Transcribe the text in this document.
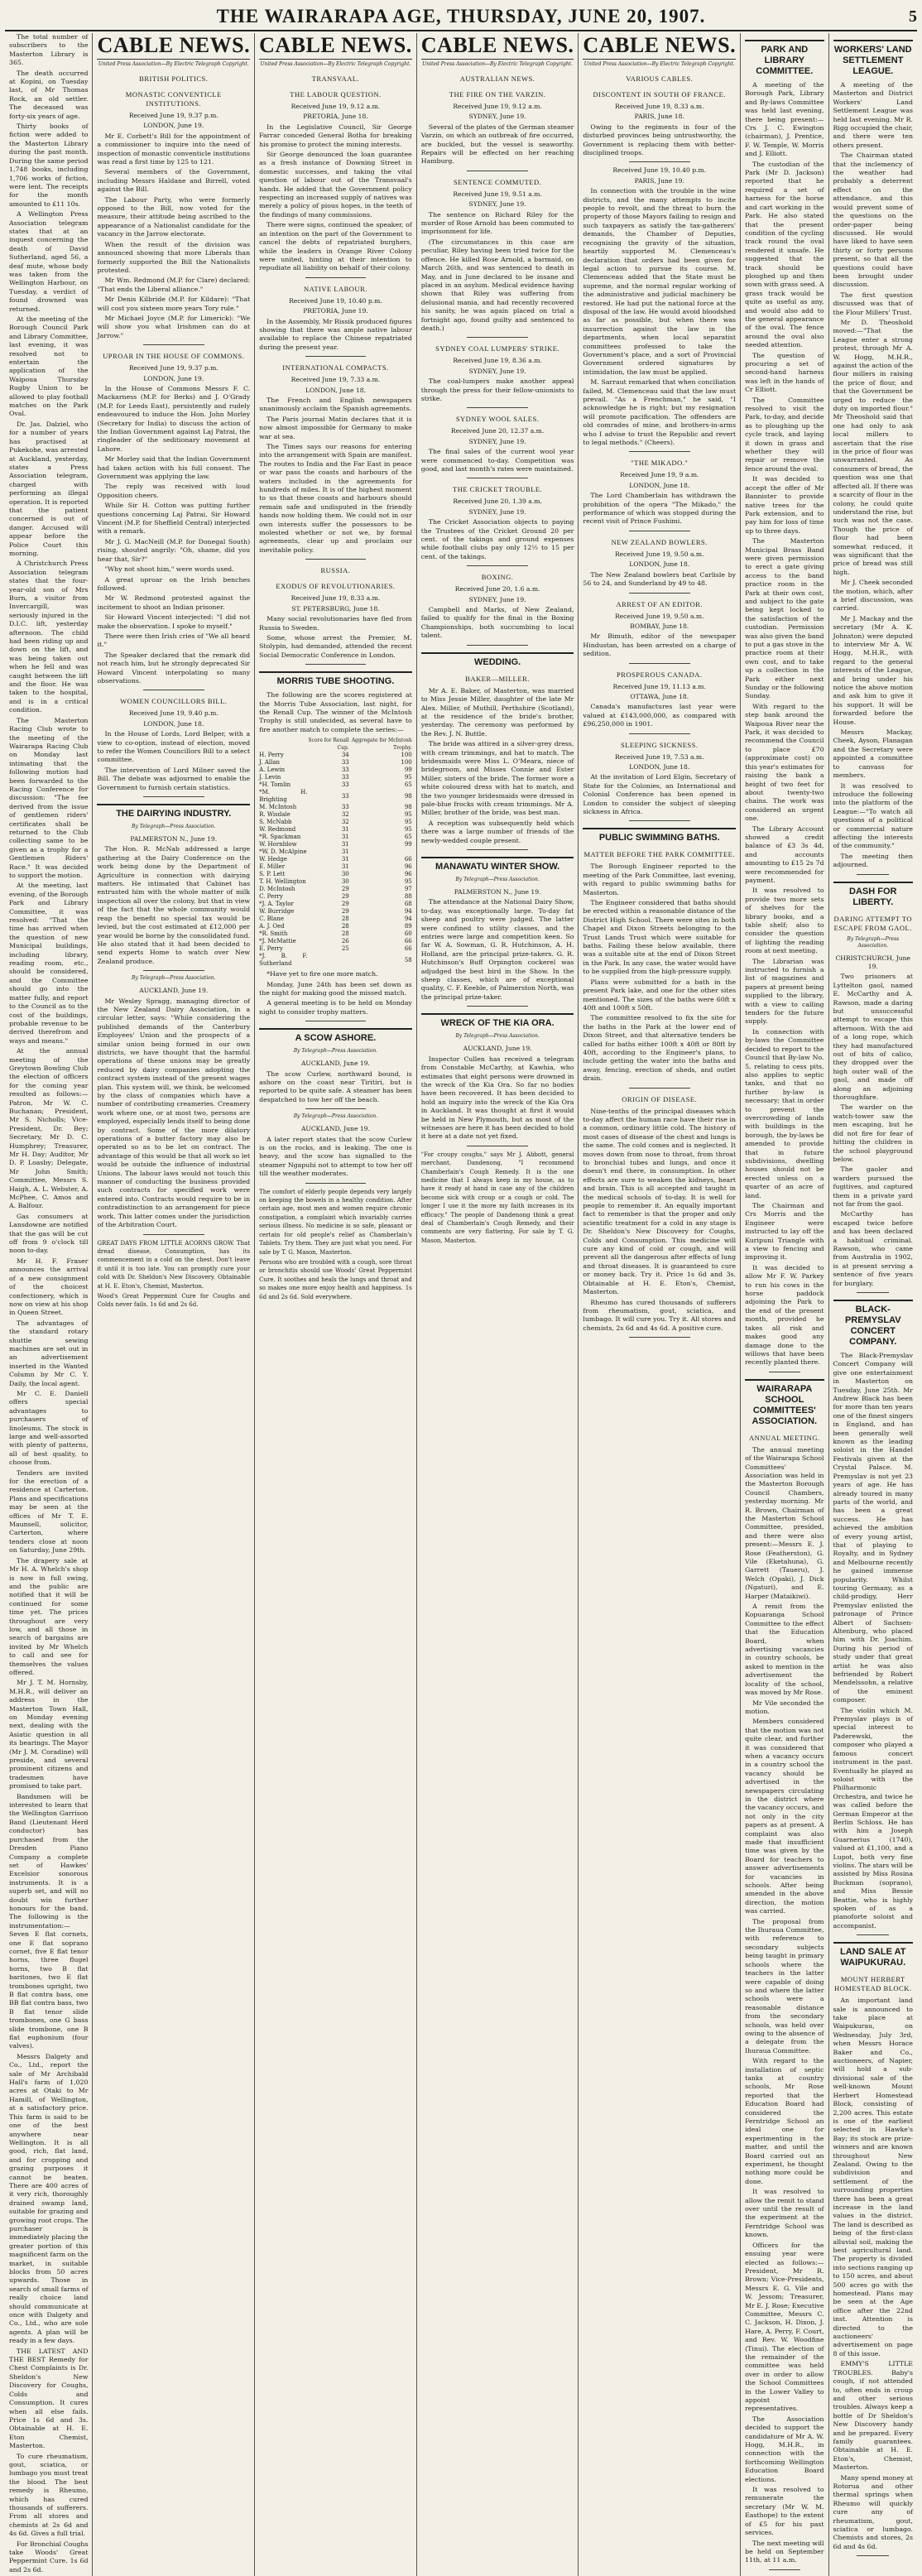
THE WAIRARAPA AGE, THURSDAY, JUNE 20, 1907.	5

The total number of subscribers to the Masterton Library is 365.

The death occurred at Kopini, on Tuesday last, of Mr Thomas Rock, an old settler. The deceased was forty-six years of age.

Thirty books of fiction were added to the Masterton Library during the past month. During the same period 1,748 books, including 1,706 works of fiction, were lent. The receipts for the month amounted to £11 10s.

A Wellington Press Association telegram states that at an inquest concerning the death of David Sutherland, aged 56, a deaf mute, whose body was taken from the Wellington Harbour, on Tuesday, a verdict of found drowned was returned.

At the meeting of the Borough Council Park and Library Committee, last evening, it was resolved not to entertain the application of the Waipoua Thursday Rugby Union to be allowed to play football matches on the Park Oval.

Dr. Jas. Dalziel, who for a number of years has practised at Pukekohe, was arrested at Auckland, yesterday, states a Press Association telegram, charged with performing an illegal operation. It is reported that the patient concerned is out of danger. Accused will appear before the Police Court this morning.

A Christchurch Press Association telegram states that the four-year-old son of Mrs Burn, a visitor from Invercargill, was seriously injured in the D.I.C. lift, yesterday afternoon. The child had been riding up and down on the lift, and was being taken out when he fell and was caught between the lift and the floor. He was taken to the hospital, and is in a critical condition.

The Masterton Racing Club wrote to the meeting of the Wairarapa Racing Club on Monday last intimating that the following motion had been forwarded to the Racing Conference for discussion: "The fee derived from the issue of gentlemen riders' certificates shall be returned to the Club collecting same to be given as a trophy for a Gentlemen Riders' Race." It was decided to support the motion.

At the meeting, last evening, of the Borough Park and Library Committee, it was resolved: "That the time has arrived when the question of new Municipal buildings, including library, reading room, etc., should be considered, and the Committee should go into the matter fully, and report to the Council as to the cost of the buildings, probable revenue to be derived therefrom and ways and means."

At the annual meeting of the Greytown Bowling Club the election of officers for the coming year resulted as follows:—Patron, Mr W. C. Buchanan; President, Mr S. Nicholls; Vice-President, Dr. Bey; Secretary, Mr D. C. Humphrey; Treasurer, Mr H. Day; Auditor, Mr D. P. Loasby; Delegate, Mr John Smith; Committee, Messrs S. Haigh, A. L. Webster, A. McPhee, C. Amos and A. Balfour.

Gas consumers at Lansdowne are notified that the gas will be cut off from 9 o'clock till noon to-day.

Mr H. F. Fraser announces the arrival of a new consignment of the choicest confectionery, which is now on view at his shop in Queen Street.

The advantages of the standard rotary shuttle sewing machines are set out in an advertisement inserted in the Wanted Column by Mr C. Y. Daily, the local agent.

Mr C. E. Daniell offers special advantages to purchasers of linoleums. The stock is large and well-assorted with plenty of patterns, all of best quality, to choose from.

Tenders are invited for the erection of a residence at Carterton. Plans and specifications may be seen at the offices of Mr T. E. Maunsell, solicitor, Carterton, where tenders close at noon on Saturday, June 29th.

The drapery sale at Mr H. A. Whelch's shop is now in full swing, and the public are notified that it will be continued for some time yet. The prices throughout are very low, and all those in search of bargains are invited by Mr Whelch to call and see for themselves the values offered.

Mr J. T. M. Hornsby, M.H.R., will deliver an address in the Masterton Town Hall, on Monday evening next, dealing with the Asiatic question in all its bearings. The Mayor (Mr J. M. Coradine) will preside, and several prominent citizens and tradesmen have promised to take part.

Bandsmen will be interested to learn that the Wellington Garrison Band (Lieutenant Herd conductor) has purchased from the Dresden Piano Company a complete set of Hawkes' Excelsior sonorous instruments. It is a superb set, and will no doubt win further honours for the band. The following is the instrumentation:—Seven E flat cornets, one E flat soprano cornet, five E flat tenor horns, three flugel horns, two B flat baritones, two E flat trombones upright, two B flat contra bass, one BB flat contra bass, two B flat tenor slide trombones, one G bass slide trombone, one B flat euphonium (four valves).

Messrs Dalgety and Co., Ltd., report the sale of Mr Archibald Hall's farm of 1,020 acres at Otaki to Mr Hamill, of Wellington, at a satisfactory price. This farm is said to be one of the best anywhere near Wellington. It is all good, rich, flat land, and for cropping and grazing purposes it cannot be beaten. There are 400 acres of it very rich, thoroughly drained swamp land, suitable for grazing and growing root crops. The purchaser is immediately placing the greater portion of this magnificent farm on the market, in suitable blocks from 50 acres upwards. Those in search of small farms of really choice land should communicate at once with Dalgety and Co., Ltd., who are sole agents. A plan will be ready in a few days.

THE LATEST AND THE BEST Remedy for Chest Complaints is Dr. Sheldon's New Discovery for Coughs, Colds and Consumption. It cures when all else fails. Price 1s 6d and 3s. Obtainable at H. E. Eton Chemist, Masterton.

To cure rheumatism, gout, sciatica, or lumbago you must treat the blood. The best remedy is Rheumo, which has cured thousands of sufferers. From all stores and chemists at 2s 6d and 4s 6d. Gives a full trial.

For Bronchial Coughs take Woods' Great Peppermint Cure. 1s 6d and 2s 6d.

CABLE NEWS.
United Press Association—By Electric Telegraph Copyright.
BRITISH POLITICS.
MONASTIC CONVENTICLE INSTITUTIONS.
Received June 19, 9.37 p.m.
LONDON, June 19.

Mr E. Corbett's Bill for the appointment of a commissioner to inquire into the need of inspection of monastic conventicle institutions was read a first time by 125 to 121.

Several members of the Government, including Messrs Haldane and Birrell, voted against the Bill.

The Labour Party, who were formerly opposed to the Bill, now voted for the measure, their attitude being ascribed to the appearance of a Nationalist candidate for the vacancy in the Jarrow electorate.

When the result of the division was announced showing that more Liberals than formerly supported the Bill the Nationalists protested.

Mr Wm. Redmond (M.P. for Clare) declared: "That ends the Liberal alliance."

Mr Denis Kilbride (M.P. for Kildare): "That will cost you sixteen more years Tory rule."

Mr Michael Joyce (M.P. for Limerick): "We will show you what Irishmen can do at Jarrow."

UPROAR IN THE HOUSE OF COMMONS.
Received June 19, 9.37 p.m.
LONDON, June 19.

In the House of Commons Messrs F. C. Mackarness (M.P. for Berks) and J. O'Grady (M.P. for Leeds East), persistently and rudely endeavoured to induce the Hon. John Morley (Secretary for India) to discuss the action of the Indian Government against Laj Patrai, the ringleader of the seditionary movement at Lahore.

Mr Morley said that the Indian Government had taken action with his full consent. The Government was applying the law.

The reply was received with loud Opposition cheers.

While Sir H. Cotton was putting further questions concerning Laj Patrai, Sir Howard Vincent (M.P. for Sheffield Central) interjected with a remark.

Mr J. G. MacNeill (M.P. for Donegal South) rising, shouted angrily: "Oh, shame, did you hear that, Sir?"

"Why not shoot him," were words used.

A great uproar on the Irish benches followed.

Mr W. Redmond protested against the incitement to shoot an Indian prisoner.

Sir Howard Vincent interjected: "I did not make the observation. I spoke to myself."

There were then Irish cries of "We all heard it."

The Speaker declared that the remark did not reach him, but he strongly deprecated Sir Howard Vincent interpolating so many observations.

WOMEN COUNCILLORS BILL.
Received June 19, 9.40 p.m.
LONDON, June 18.

In the House of Lords, Lord Belper, with a view to co-option, instead of election, moved to refer the Women Councillors Bill to a select committee.

The intervention of Lord Milner saved the Bill. The debate was adjourned to enable the Government to furnish certain statistics.

THE DAIRYING INDUSTRY.
By Telegraph—Press Association.
PALMERSTON N., June 19.

The Hon. R. McNab addressed a large gathering at the Dairy Conference on the work being done by the Department of Agriculture in connection with dairying matters. He intimated that Cabinet has entrusted him with the whole matter of milk inspection all over the colony, but that in view of the fact that the whole community would reap the benefit no special tax would be levied, but the cost estimated at £12,000 per year would be borne by the consolidated fund. He also stated that it had been decided to send experts Home to watch over New Zealand produce.

By Telegraph—Press Association.
AUCKLAND, June 19.

Mr Wesley Spragg, managing director of the New Zealand Dairy Association, in a circular letter, says: "While considering the published demands of the Canterbury Employees' Union and the prospects of a similar union being formed in our own districts, we have thought that the harmful operations of these unions may be greatly reduced by dairy companies adopting the contract system instead of the present wages plan. This system will, we think, be welcomed by the class of companies which have a number of contributing creameries. Creamery work where one, or at most two, persons are employed, especially lends itself to being done by contract. Some of the more dilatory operations of a butter factory may also be operated so as to be let on contract. The advantage of this would be that all work so let would be outside the influence of industrial Unions. The labour laws would not touch this manner of conducting the business provided such contracts for specified work were entered into. Contracts would require to be in contradistinction to an arrangement for piece work. This latter comes under the jurisdiction of the Arbitration Court.

GREAT DAYS FROM LITTLE ACORNS GROW. That dread disease, Consumption, has its commencement in a cold on the chest. Don't leave it until it is too late. You can promptly cure your cold with Dr. Sheldon's New Discovery. Obtainable at H. E. Eton's, Chemist, Masterton.

Wood's Great Peppermint Cure for Coughs and Colds never fails. 1s 6d and 2s 6d.

CABLE NEWS.
United Press Association—By Electric Telegraph Copyright.
TRANSVAAL.
THE LABOUR QUESTION.
Received June 19, 9.12 a.m.
PRETORIA, June 18.

In the Legislative Council, Sir George Farrar conceded General Botha for breaking his promise to protect the mining interests.

Sir George denounced the loan guarantee as a fresh instance of Downing Street in domestic successes, and taking the vital question of labour out of the Transvaal's hands. He added that the Government policy respecting an increased supply of natives was merely a policy of pious hopes, in the teeth of the findings of many commissions.

There were signs, continued the speaker, of an intention on the part of the Government to cancel the debts of repatriated burghers, while the leaders in Orange River Colony were united, hinting at their intention to repudiate all liability on behalf of their colony.

NATIVE LABOUR.
Received June 19, 10.40 p.m.
PRETORIA, June 19.

In the Assembly, Mr Rissik produced figures showing that there was ample native labour available to replace the Chinese repatriated during the present year.

INTERNATIONAL COMPACTS.
Received June 19, 7.33 a.m.
LONDON, June 18.

The French and English newspapers unanimously acclaim the Spanish agreements.

The Paris journal Matin declares that it is now almost impossible for Germany to make war at sea.

The Times says our reasons for entering into the arrangement with Spain are manifest. The routes to India and the Far East in peace or war pass the coasts and harbours of the waters included in the agreements for hundreds of miles. It is of the highest moment to us that these coasts and harbours should remain safe and undisputed in the friendly hands now holding them. We could not in our own interests suffer the possessors to be molested whether or not we, by formal agreements, clear up and proclaim our inevitable policy.

RUSSIA.
EXODUS OF REVOLUTIONARIES.
Received June 19, 8.33 a.m.
ST. PETERSBURG, June 18.

Many social revolutionaries have fled from Russia to Sweden.

Some, whose arrest the Premier, M. Stolypin, had demanded, attended the recent Social Democratic Conference in London.

MORRIS TUBE SHOOTING.

The following are the scores registered at the Morris Tube Association, last night, for the Renall Cup. The winner of the McIntosh Trophy is still undecided, as several have to fire another match to complete the series:—

	Score for Renall Cup.	Aggregate for McIntosh Trophy.
H. Perry	34	100
J. Allan	33	100
A. Lewin	33	99
J. Levin	33	95
*H. Tomlin	33	65
*M. H. Brighting	33	98
M. McIntosh	33	98
R. Wisdale	32	95
S. McNabb	32	95
W. Redmond	31	95
*R. Spackman	31	65
W. Hornblow	31	99
*W. D. McAlpine	31	
W. Hedge	31	66
E. Miller	31	96
S. P. Lett	30	96
T. H. Wellington	30	95
D. McIntosh	29	97
C. Perry	29	88
*J. A. Taylor	29	68
W. Burridge	29	94
C. Blane	28	94
A. J. Oed	28	89
*R. Smith	28	60
*J. McMattie	26	66
E. Perry	25	66
*J. B. F. Sutherland		58

*Have yet to fire one more match.

Monday, June 24th has been set down as the night for making good the missed match.

A general meeting is to be held on Monday night to consider trophy matters.

A SCOW ASHORE.
By Telegraph—Press Association.
AUCKLAND, June 19.

The scow Curlew, northward bound, is ashore on the coast near Tiritiri, but is reported to be quite safe. A steamer has been despatched to tow her off the beach.

By Telegraph—Press Association.
AUCKLAND, June 19.

A later report states that the scow Curlew is on the rocks, and is leaking. The one is heavy, and the scow has signalled to the steamer Ngapuhi not to attempt to tow her off till the weather moderates.

The comfort of elderly people depends very largely on keeping the bowels in a healthy condition. After certain age, most men and women require chronic constipation, a complaint which invariably carries serious illness. No medicine is so safe, pleasant or certain for old people's relief as Chamberlain's Tablets. Try them. They are just what you need. For sale by T. G. Mason, Masterton.

Persons who are troubled with a cough, sore throat or bronchitis should use Woods' Great Peppermint Cure. It soothes and heals the lungs and throat and so makes one more enjoy health and happiness. 1s 6d and 2s 6d. Sold everywhere.

CABLE NEWS.
United Press Association—By Electric Telegraph Copyright.
AUSTRALIAN NEWS.
THE FIRE ON THE VARZIN.
Received June 19, 9.12 a.m.
SYDNEY, June 19.

Several of the plates of the German steamer Varzin, on which an outbreak of fire occurred, are buckled, but the vessel is seaworthy. Repairs will be effected on her reaching Hamburg.

SENTENCE COMMUTED.
Received June 19, 9.51 a.m.
SYDNEY, June 19.

The sentence on Richard Riley for the murder of Rose Arnold has been commuted to imprisonment for life.

(The circumstances in this case are peculiar, Riley having been tried twice for the offence. He killed Rose Arnold, a barmaid, on March 26th, and was sentenced to death in May, and in June declared to be insane and placed in an asylum. Medical evidence having shown that Riley was suffering from delusional mania, and had recently recovered his sanity, he was again placed on trial a fortnight ago, found guilty and sentenced to death.)

SYDNEY COAL LUMPERS' STRIKE.
Received June 19, 8.36 a.m.
SYDNEY, June 19.

The coal-lumpers make another appeal through the press for their fellow-unionists to strike.

SYDNEY WOOL SALES.
Received June 20, 12.37 a.m.
SYDNEY, June 19.

The final sales of the current wool year were commenced to-day. Competition was good, and last month's rates were maintained.

THE CRICKET TROUBLE.
Received June 20, 1.39 a.m.
SYDNEY, June 19.

The Cricket Association objects to paying the Trustees of the Cricket Ground 20 per cent. of the takings and ground expenses while football clubs pay only 12½ to 15 per cent. of the takings.

BOXING.
Received June 20, 1.6 a.m.
SYDNEY, June 19.

Campbell and Marks, of New Zealand, failed to qualify for the final in the Boxing Championships, both succumbing to local talent.

WEDDING.
BAKER—MILLER.

Mr A. E. Baker, of Masterton, was married to Miss Jessie Miller, daughter of the late Mr Alex. Miller, of Muthill, Perthshire (Scotland), at the residence of the bride's brother, yesterday. The ceremony was performed by the Rev. J. N. Buttle.

The bride was attired in a silver-grey dress, with cream trimmings, and hat to match. The bridesmaids were Miss L. O'Meara, niece of bridegroom, and Misses Connie and Ester Miller, sisters of the bride. The former wore a white coloured dress with hat to match, and the two younger bridesmaids were dressed in pale-blue frocks with cream trimmings. Mr A. Miller, brother of the bride, was best man.

A reception was subsequently held which there was a large number of friends of the newly-wedded couple present.

MANAWATU WINTER SHOW.
By Telegraph—Press Association.
PALMERSTON N., June 19.

The attendance at the National Dairy Show, to-day, was exceptionally large. To-day fat sheep and poultry were judged. The latter were confined to utility classes, and the entries were large and competition keen. So far W. A. Sowman, G. R. Hutchinson, A. H. Holland, are the principal prize-takers. G. R. Hutchinson's Buff Orpington cockerel was adjudged the best bird in the Show. In the sheep classes, which are of exceptional quality, C. F. Keeble, of Palmerston North, was the principal prize-taker.

WRECK OF THE KIA ORA.
By Telegraph—Press Association.
AUCKLAND, June 19.

Inspector Cullen has received a telegram from Constable McCarthy, at Kawhia, who estimates that eight persons were drowned in the wreck of the Kia Ora. So far no bodies have been recovered. It has been decided to hold an inquiry into the wreck of the Kia Ora in Auckland. It was thought at first it would be held in New Plymouth, but as most of the witnesses are here it has been decided to hold it here at a date not yet fixed.

"For croupy coughs," says Mr J. Abbott, general merchant, Dandenong, "I recommend Chamberlain's Cough Remedy. It is the one medicine that I always keep in my house, as to have it ready at hand in case any of the children become sick with croup or a cough or cold. The longer I use it the more my faith increases in its efficacy." The people of Dandenong think a great deal of Chamberlain's Cough Remedy, and their comments are very flattering. For sale by T. G. Mason, Masterton.

CABLE NEWS.
United Press Association—By Electric Telegraph Copyright.
VARIOUS CABLES.
DISCONTENT IN SOUTH OF FRANCE.
Received June 19, 8.33 a.m.
PARIS, June 18.

Owing to the regiments in four of the disturbed provinces being untrustworthy, the Government is replacing them with better-disciplined troops.

Received June 19, 10.40 p.m.
PARIS, June 19.

In connection with the trouble in the wine districts, and the many attempts to incite people to revolt, and the threat to burn the property of those Mayors failing to resign and such taxpayers as satisfy the tax-gatherers' demands, the Chamber of Deputies, recognising the gravity of the situation, heartily supported M. Clemenceau's declaration that orders had been given for legal action to pursue its course. M. Clemenceau added that the State must be supreme, and the normal regular working of the administrative and judicial machinery be restored. He had put the national force at the disposal of the law. He would avoid bloodshed as far as possible, but when there was insurrection against the law in the departments, when local separatist committees professed to take the Government's place, and a sort of Provincial Government ordered signatures by intimidation, the law must be applied.

M. Sarraut remarked that when conciliation failed, M. Clemenceau said that the law must prevail. "As a Frenchman," he said, "I acknowledge he is right; but my resignation will promote pacification. The offenders are old comrades of mine, and brothers-in-arms who I advise to trust the Republic and revert to legal methods." (Cheers).

"THE MIKADO."
Received June 19, 9 a.m.
LONDON, June 18.

The Lord Chamberlain has withdrawn the prohibition of the opera "The Mikado," the performance of which was stopped during the recent visit of Prince Fushimi.

NEW ZEALAND BOWLERS.
Received June 19, 9.50 a.m.
LONDON, June 18.

The New Zealand bowlers beat Carlisle by 56 to 24, and Sunderland by 49 to 48.

ARREST OF AN EDITOR.
Received June 19, 9.50 a.m.
BOMBAY, June 18.

Mr Bimuth, editor of the newspaper Hindustan, has been arrested on a charge of sedition.

PROSPEROUS CANADA.
Received June 19, 11.13 a.m.
OTTAWA, June 18.

Canada's manufactures last year were valued at £143,000,000, as compared with £96,250,000 in 1901.

SLEEPING SICKNESS.
Received June 19, 7.53 a.m.
LONDON, June 18.

At the invitation of Lord Elgin, Secretary of State for the Colonies, an International and Colonial Conference has been opened in London to consider the subject of sleeping sickness in Africa.

PUBLIC SWIMMING BATHS.
MATTER BEFORE THE PARK COMMITTEE.

The Borough Engineer reported to the meeting of the Park Committee, last evening, with regard to public swimming baths for Masterton.

The Engineer considered that baths should be erected within a reasonable distance of the District High School. There were sites in both Chapel and Dixon Streets belonging to the Trust Lands Trust which were suitable for baths. Failing these below available, there was a suitable site at the end of Dixon Street in the Park. In any case, the water would have to be supplied from the high-pressure supply.

Plans were submitted for a bath in the present Park lake, and one for the other sites mentioned. The sizes of the baths were 60ft x 40ft and 100ft x 50ft.

The committee resolved to fix the site for the baths in the Park at the lower end of Dixon Street, and that alternative tenders be called for baths either 100ft x 40ft or 80ft by 40ft, according to the Engineer's plans, to include getting the water into the baths and away, fencing, erection of sheds, and outlet drain.

ORIGIN OF DISEASE.

Nine-tenths of the principal diseases which to-day affect the human race have their rise in a common, ordinary little cold. The history of most cases of disease of the chest and lungs is the same. The cold comes and is neglected. It moves down from nose to throat, from throat to bronchial tubes and lungs, and once it doesn't end there, in consumption. In other effects are sure to weaken the kidneys, heart and brain. This is all accepted and taught in the medical schools of to-day. It is well for people to remember it. An equally important fact to remember is that the proper and only scientific treatment for a cold in any stage is Dr. Sheldon's New Discovery for Coughs, Colds and Consumption. This medicine will cure any kind of cold or cough, and will prevent all the dangerous after effects of lung and throat diseases. It is guaranteed to cure or money back. Try it. Price 1s 6d and 3s. Obtainable at H. E. Eton's, Chemist, Masterton.

Rheumo has cured thousands of sufferers from rheumatism, gout, sciatica, and lumbago. It will cure you. Try it. All stores and chemists, 2s 6d and 4s 6d. A positive cure.

PARK AND LIBRARY COMMITTEE.

A meeting of the Borough Park, Library and By-laws Committee was held last evening, there being present:—Crs J. C. Ewington (chairman), J. Prentice, F. W. Temple, W. Morris and J. Elliott.

The custodian of the Park (Mr D. Jackson) reported that he required a set of harness for the horse and cart working in the Park. He also stated that the present condition of the cycling track round the oval rendered it unsafe. He suggested that the track should be ploughed up and then sown with grass seed. A grass track would be quite as useful as any, and would also add to the general appearance of the oval. The fence around the oval also needed attention.

The question of procuring a set of second-hand harness was left in the hands of Cr Elliott.

The Committee resolved to visit the Park, to-day, and decide as to ploughing up the cycle track, and laying it down in grass and whether they will repair or remove the fence around the oval.

It was decided to accept the offer of Mr Bannister to provide native trees for the Park extension, and to pay him for loss of time up to three days.

The Masterton Municipal Brass Band were given permission to erect a gate giving access to the band practice room in the Park at their own cost, and subject to the gate being kept locked to the satisfaction of the custodian. Permission was also given the band to put a gas stove in the practice room at their own cost, and to take up a collection in the Park either next Sunday or the following Sunday.

With regard to the step bank around the Waipoua River near the Park, it was decided to recommend the Council to place £70 (approximate cost) on this year's estimates for raising the bank a height of two feet for about twenty-two chains. The work was considered an urgent one.

The Library Account showed a credit balance of £3 3s 4d, and accounts amounting to £15 2s 7d were recommended for payment.

It was resolved to provide two more sets of shelves for the library books, and a table shelf; also to consider the question of lighting the reading room at next meeting.

The Librarian was instructed to furnish a list of magazines and papers at present being supplied to the library, with a view to calling tenders for the future supply.

In connection with by-laws the Committee decided to report to the Council that By-law No. 5, relating to cess pits, also applies to septic tanks, and that no further by-law is necessary; that in order to prevent the overcrowding of lands with buildings in the borough, the by-laws be amended to provide that in future subdivisions, dwelling houses should not be erected unless on a quarter of an acre of land.

The Chairman and Crs Morris and the Engineer were instructed to lay off the Kuripuni Triangle with a view to fencing and improving it.

It was decided to allow Mr F. W. Parkey to run his cows in the horse paddock adjoining the Park to the end of the present month, provided he takes all risk and makes good any damage done to the willows that have been recently planted there.

WAIRARAPA SCHOOL COMMITTEES' ASSOCIATION.
ANNUAL MEETING.

The annual meeting of the Wairarapa School Committees' Association was held in the Masterton Borough Council Chambers, yesterday morning. Mr R. Brown, Chairman of the Masterton School Committee, presided, and there were also present:—Messrs E. J. Rose (Featherston), G. Vile (Eketahuna), G. Garrett (Taueru), J. Welch (Opaki), J. Dick (Ngaturi), and E. Harper (Mataikiwi).

A remit from the Kopuaranga School Committee to the effect that the Education Board, when advertising vacancies in country schools, be asked to mention in the advertisement the locality of the school, was moved by Mr Rose.

Mr Vile seconded the motion.

Members considered that the motion was not quite clear, and further it was considered that when a vacancy occurs in a country school the vacancy should be advertised in the newspapers circulating in the district where the vacancy occurs, and not only in the city papers as at present. A complaint was also made that insufficient time was given by the Board for teachers to answer advertisements for vacancies in schools. After being amended in the above direction, the motion was carried.

The proposal from the Ihuraua Committee, with reference to secondary subjects being taught in primary schools where the teachers in the latter were capable of doing so and where the latter schools were a reasonable distance from the secondary schools, was held over owing to the absence of a delegate from the Ihuraua Committee.

With regard to the installation of septic tanks at country schools, Mr Rose reported that the Education Board had considered the Ferntridge School an ideal one for experimenting in the matter, and until the Board carried out an experiment, he thought nothing more could be done.

It was resolved to allow the remit to stand over until the result of the experiment at the Ferntridge School was known.

Officers for the ensuing year were elected as follows:—President, Mr R. Brown; Vice-Presidents, Messrs E. G. Vile and W. Jessom; Treasurer, Mr E. J. Rose; Executive Committee, Messrs C. C. Jackson, H. Dixon, J. Hare, A. Perry, F. Court, and Rev. W. Woodfine (Tinui). The election of the remainder of the committee was held over in order to allow the School Committees in the Lower Valley to appoint representatives.

The Association decided to support the candidature of Mr A. W. Hogg, M.H.R., in connection with the forthcoming Wellington Education Board elections.

It was resolved to remunerate the secretary (Mr W. M. Easthope) to the extent of £5 for his past services.

The next meeting will be held on September 11th, at 11 a.m.

WORKERS' LAND SETTLEMENT LEAGUE.

A meeting of the Masterton and District Workers' Land Settlement League was held last evening. Mr R. Rigg occupied the chair, and there were ten others present.

The Chairman stated that the inclemency of the weather had probably a deterrent effect on the attendance, and this would prevent some of the questions on the order-paper being discussed. He would have liked to have seen thirty or forty persons present, so that all the questions could have been brought under discussion.

The first question discussed was that of the Flour Millers' Trust.

Mr D. Theoshold moved:—"That the League enter a strong protest, through Mr A. W. Hogg, M.H.R., against the action of the flour millers in raising the price of flour, and that the Government be urged to reduce the duty on imported flour." Mr Theoshold said that one had only to ask local millers to ascertain that the rise in the price of flour was unwarranted. As consumers of bread, the question was one that affected all. If there was a scarcity of flour in the colony, he could quite understand the rise, but such was not the case. Though the price of flour had been somewhat reduced, it was significant that the price of bread was still high.

Mr J. Cheek seconded the motion, which, after a brief discussion, was carried.

Mr J. Mackay and the secretary (Mr A. K. Johnston) were deputed to interview Mr A. W. Hogg, M.H.R., with regard to the general interests of the League, and bring under his notice the above motion and ask him to give it his support. It will be forwarded before the House.

Messrs Mackay, Cheek, Ayson, Flanagan and the Secretary were appointed a committee to canvass for members.

It was resolved to introduce the following into the platform of the League:—"To watch all questions of a political or commercial nature affecting the interests of the community."

The meeting then adjourned.

DASH FOR LIBERTY.
DARING ATTEMPT TO ESCAPE FROM GAOL.
By Telegraph—Press Association.
CHRISTCHURCH, June 19.

Two prisoners at Lyttelton gaol, named E. McCarthy and A. Rawson, made a daring but unsuccessful attempt to escape this afternoon. With the aid of a long rope, which they had manufactured out of bits of calico, they dropped over the high outer wall of the gaol, and made off along an adjoining thoroughfare.

The warder on the watch-tower saw the men escaping, but he did not fire for fear of hitting the children in the school playground below.

The gaoler and warders pursued the fugitives, and captured them in a private yard not far from the gaol.

McCarthy has escaped twice before and has been declared a habitual criminal. Rawson, who came from Australia in 1902, is at present serving a sentence of five years for burglary.

BLACK-PREMYSLAV CONCERT COMPANY.

The Black-Premyslav Concert Company will give one entertainment in Masterton on Tuesday, June 25th. Mr Andrew Black has been for more than ten years one of the finest singers in England, and has been generally well known as the leading soloist in the Handel Festivals given at the Crystal Palace. M. Premyslav is not yet 23 years of age. He has already toured in many parts of the world, and has been a great success. He has achieved the ambition of every young artist, that of playing to Royalty, and in Sydney and Melbourne recently he gained immense popularity. Whilst touring Germany, as a child-prodigy, Herr Premyslav enlisted the patronage of Prince Albert of Sachsen-Altenburg, who placed him with Dr. Joachim. During his period of study under that great artist he was also befriended by Robert Mendelssohn, a relative of the eminent composer.

The violin which M. Premyslav plays is of special interest to Paderewski, the composer who played a famous concert instrument in the past. Eventually he played as soloist with the Philharmonic Orchestra, and twice he was called before the German Emperor at the Berlin Schloss. He has with him a Joseph Guarnerius (1740), valued at £1,100, and a Lupot, both very fine violins. The stars will be assisted by Miss Rosina Buckman (soprano), and Miss Bessie Beattie, who is highly spoken of as a pianoforte soloist and accompanist.

LAND SALE AT WAIPUKURAU.
MOUNT HERBERT HOMESTEAD BLOCK.

An important land sale is announced to take place at Waipukurau, on Wednesday, July 3rd, when Messrs Horace Baker and Co., auctioneers, of Napier, will hold a sub-divisional sale of the well-known Mount Herbert Homestead Block, consisting of 2,200 acres. This estate is one of the earliest selected in Hawke's Bay; its stock are prize-winners and are known throughout New Zealand. Owing to the subdivision and settlement of the surrounding properties there has been a great increase in the land values in the district. The land is described as being of the first-class alluvial soil, making the best agricultural land. The property is divided into sections ranging up to 150 acres, and about 500 acres go with the homestead. Plans may be seen at the Age office after the 22nd inst. Attention is directed to the auctioneers' advertisement on page 8 of this issue.

EMMY'S LITTLE TROUBLES. Baby's cough, if not attended to, often ends in croup and other serious troubles. Always keep a bottle of Dr Sheldon's New Discovery handy and be prepared. Every family guarantees. Obtainable at H. E. Eton's, Chemist, Masterton.

Many spend money at Rotorua and other thermal springs when Rheumo will quickly cure any of rheumatism, gout, sciatica or lumbago. Chemists and stores, 2s 6d and 4s 6d.
